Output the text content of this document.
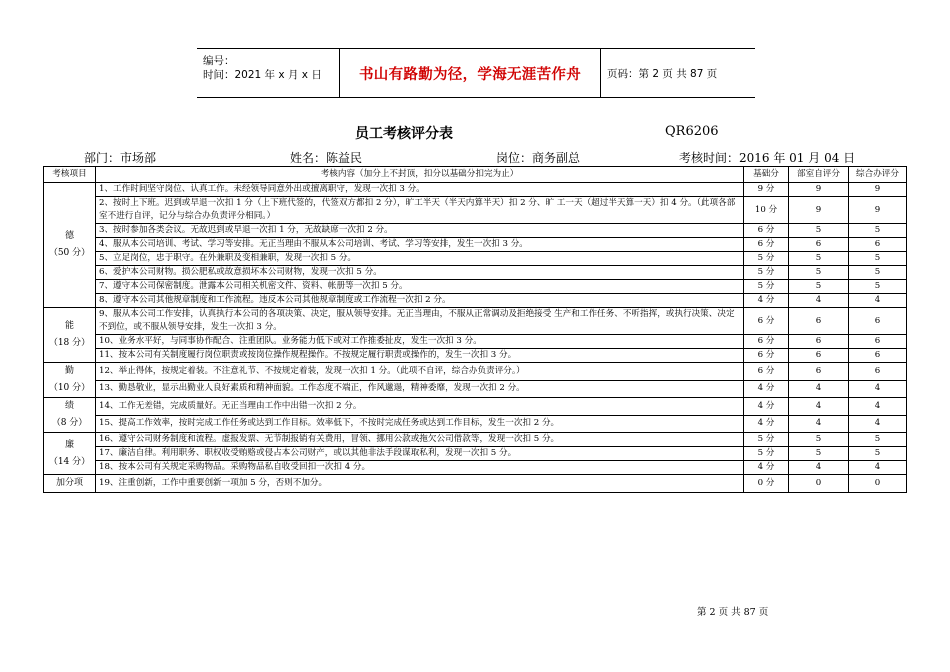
编号：
时间：2021 年 x 月 x 日	书山有路勤为径，学海无涯苦作舟	页码：第 2 页 共 87 页
员工考核评分表	QR6206
部门：市场部	姓名：陈益民	岗位：商务副总	考核时间：2016 年 01 月 04 日
考核项目	考核内容（加分上不封顶，扣分以基础分扣完为止）	基础分	部室自评分	综合办评分

德
（50 分）	1、工作时间坚守岗位、认真工作。未经领导同意外出或擅离职守，发现一次扣 3 分。	9 分	9	9
	2、按时上下班。迟到或早退一次扣 1 分（上下班代签的，代签双方都扣 2 分），旷工半天（半天内算半天）扣 2 分、旷 工一天（超过半天算一天）扣 4 分。（此项各部室不进行自评，记分与综合办负责评分相同。）	10 分	9	9
	3、按时参加各类会议。无故迟到或早退一次扣 1 分，无故缺席一次扣 2 分。	6 分	5	5
	4、服从本公司培训、考试、学习等安排。无正当理由不服从本公司培训、考试、学习等安排，发生一次扣 3 分。	6 分	6	6
	5、立足岗位，忠于职守。在外兼职及变相兼职，发现一次扣 5 分。	5 分	5	5
	6、爱护本公司财物。损公肥私或故意损坏本公司财物，发现一次扣 5 分。	5 分	5	5
	7、遵守本公司保密制度。泄露本公司相关机密文件、资料、帐册等一次扣 5 分。	5 分	5	5
	8、遵守本公司其他规章制度和工作流程。违反本公司其他规章制度或工作流程一次扣 2 分。	4 分	4	4

能
（18 分）	9、服从本公司工作安排，认真执行本公司的各项决策、决定，服从领导安排。无正当理由，不服从正常调动及拒绝接受 生产和工作任务、不听指挥，或执行决策、决定不到位，或不服从领导安排，发生一次扣 3 分。	6 分	6	6
	10、业务水平好，与同事协作配合、注重团队。业务能力低下或对工作推委扯皮，发生一次扣 3 分。	6 分	6	6
	11、按本公司有关制度履行岗位职责或按岗位操作规程操作。不按规定履行职责或操作的，发生一次扣 3 分。	6 分	6	6

勤
（10 分）	12、举止得体，按规定着装。不注意礼节、不按规定着装，发现一次扣 1 分。（此项不自评，综合办负责评分。）	6 分	6	6
	13、勤恳敬业，显示出勤业人良好素质和精神面貌。工作态度不端正，作风邋遢，精神委靡，发现一次扣 2 分。	4 分	4	4

绩
（8 分）	14、工作无差错，完成质量好。无正当理由工作中出错一次扣 2 分。	4 分	4	4
	15、提高工作效率，按时完成工作任务或达到工作目标。效率低下，不按时完成任务或达到工作目标，发生一次扣 2 分。	4 分	4	4

廉
（14 分）	16、遵守公司财务制度和流程。虚报发票、无节制报销有关费用，冒领、挪用公款或拖欠公司借款等，发现一次扣 5 分。	5 分	5	5
	17、廉洁自律。利用职务、职权收受贿赂或侵占本公司财产，或以其他非法手段谋取私利，发现一次扣 5 分。	5 分	5	5
	18、按本公司有关规定采购物品。采购物品私自收受回扣一次扣 4 分。	4 分	4	4

加分项	19、注重创新，工作中重要创新一项加 5 分，否则不加分。	0 分	0	0
第 2 页 共 87 页
